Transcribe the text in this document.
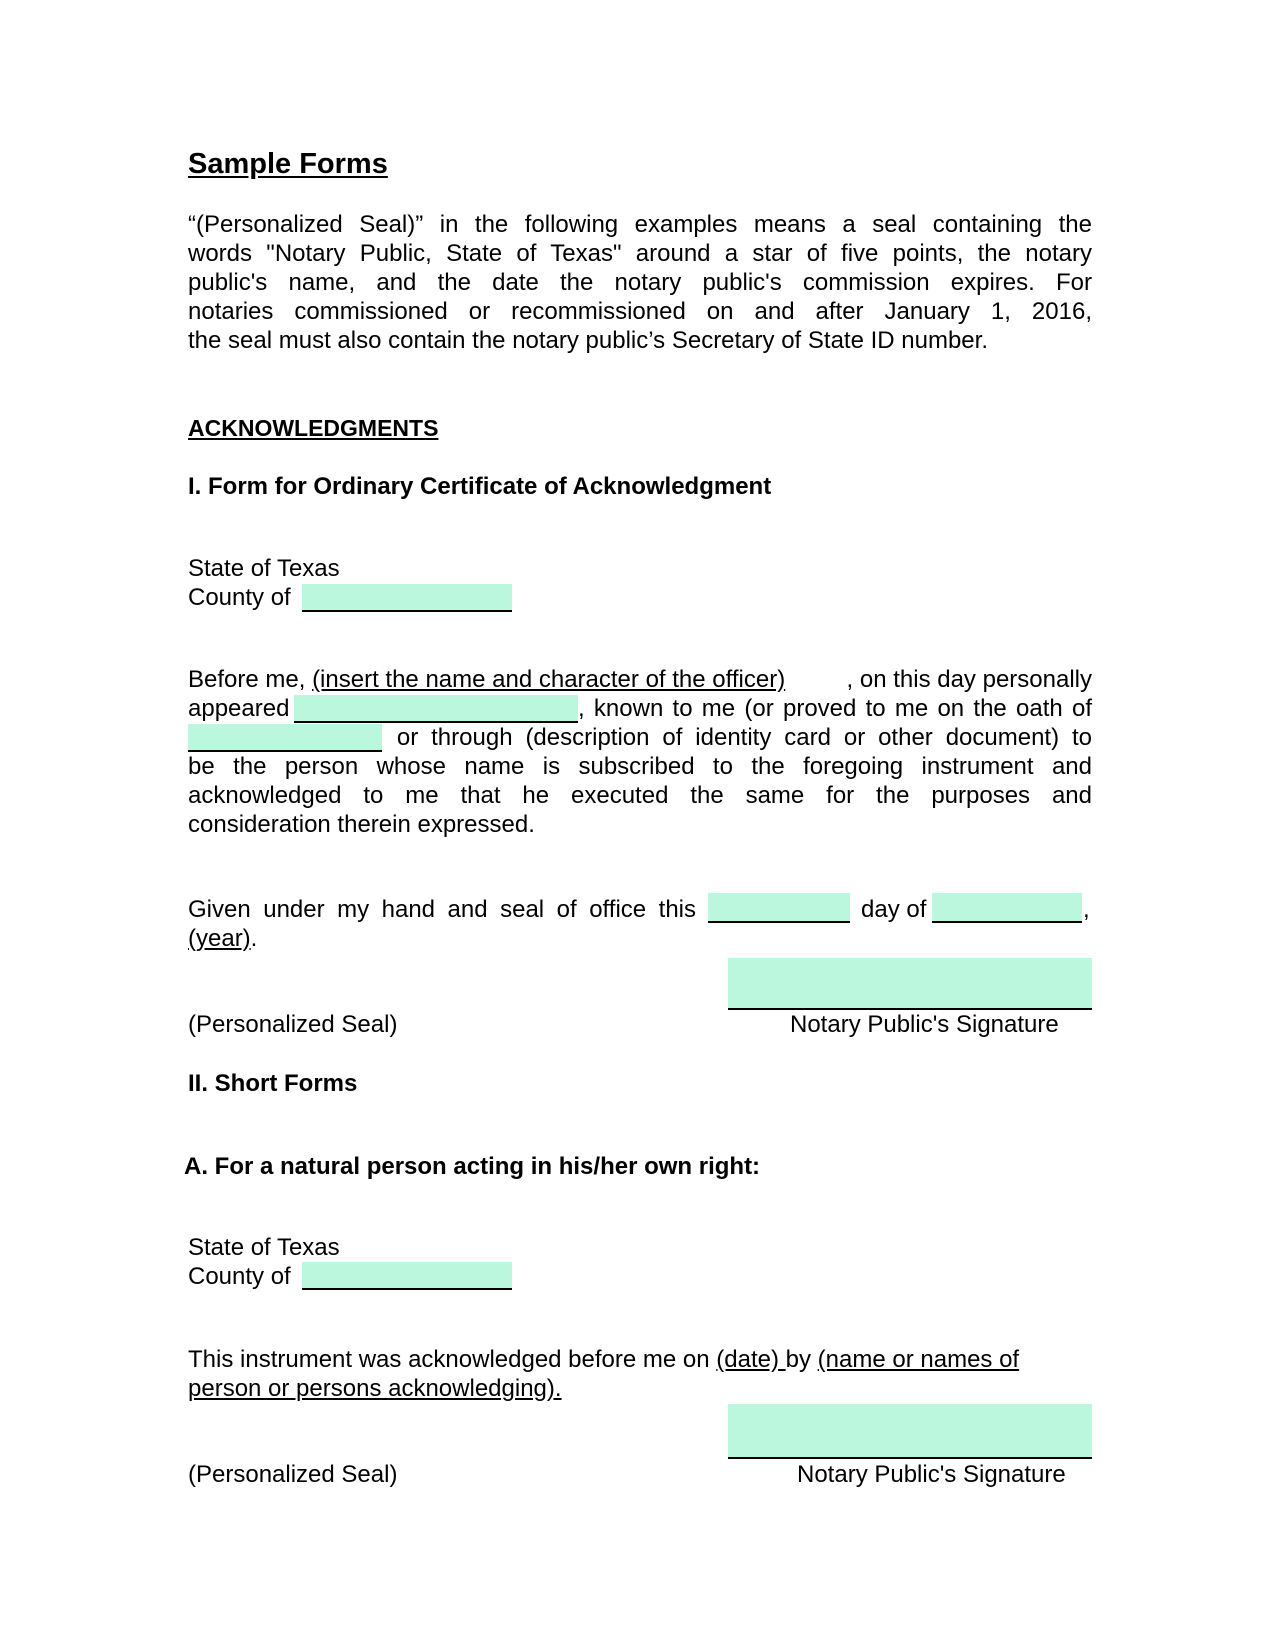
Sample Forms
“(Personalized Seal)” in the following examples means a seal containing the
words "Notary Public, State of Texas" around a star of five points, the notary
public's name, and the date the notary public's commission expires. For
notaries commissioned or recommissioned on and after January 1, 2016,
the seal must also contain the notary public’s Secretary of State ID number.
ACKNOWLEDGMENTS
I. Form for Ordinary Certificate of Acknowledgment
State of Texas
County of
Before me, (insert the name and character of the officer)	, on this day personally
appeared	, known to me (or proved to me on the oath of
or through (description of identity card or other document) to
be the person whose name is subscribed to the foregoing instrument and
acknowledged to me that he executed the same for the purposes and
consideration therein expressed.
Given under my hand and seal of office this	day of	,
(year).
(Personalized Seal)	Notary Public's Signature
II. Short Forms
A. For a natural person acting in his/her own right:
State of Texas
County of
This instrument was acknowledged before me on (date) by (name or names of
person or persons acknowledging).
(Personalized Seal)	Notary Public's Signature
